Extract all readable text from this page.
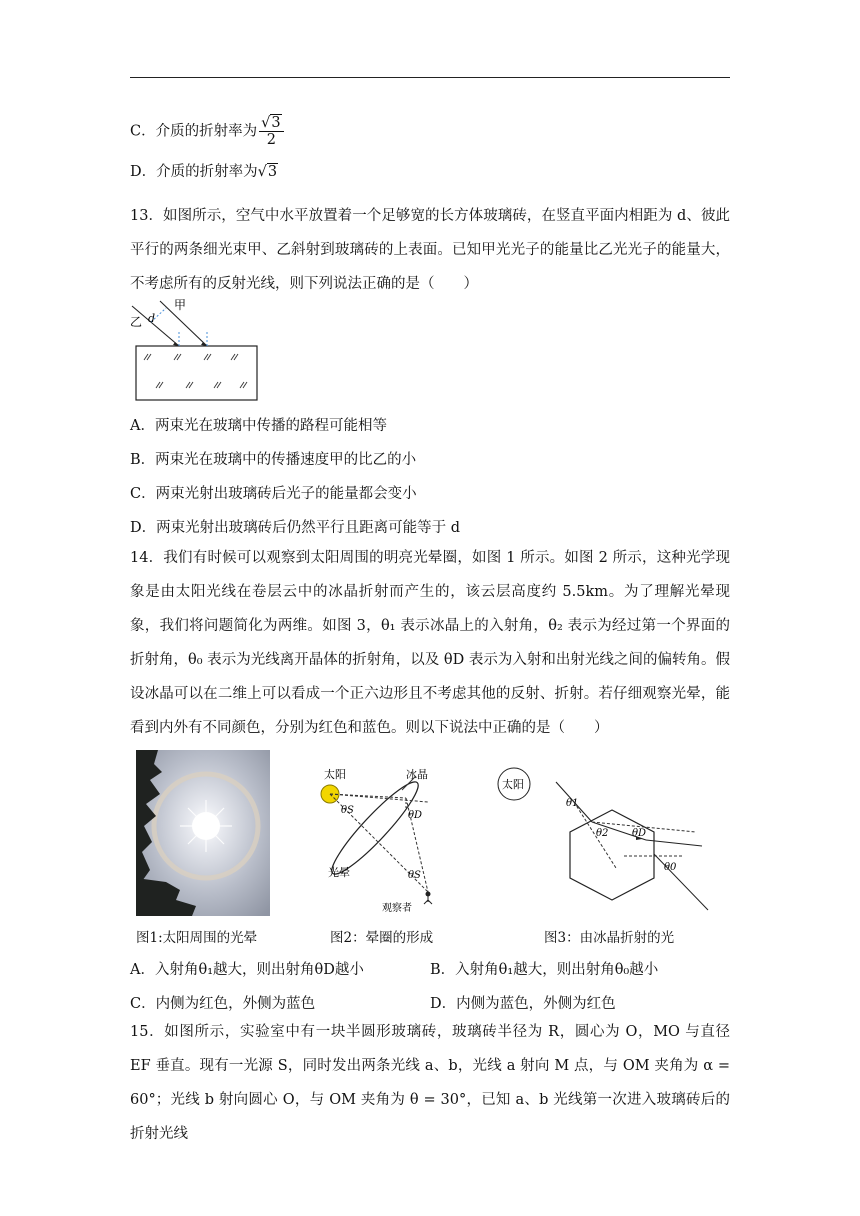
C．介质的折射率为 $\frac{√3}{2}$
D．介质的折射率为√3
13．如图所示，空气中水平放置着一个足够宽的长方体玻璃砖，在竖直平面内相距为 d、彼此平行的两条细光束甲、乙斜射到玻璃砖的上表面。已知甲光光子的能量比乙光光子的能量大，不考虑所有的反射光线，则下列说法正确的是（　　）
甲
乙 d
A．两束光在玻璃中传播的路程可能相等
B．两束光在玻璃中的传播速度甲的比乙的小
C．两束光射出玻璃砖后光子的能量都会变小
D．两束光射出玻璃砖后仍然平行且距离可能等于 d
14．我们有时候可以观察到太阳周围的明亮光晕圈，如图 1 所示。如图 2 所示，这种光学现象是由太阳光线在卷层云中的冰晶折射而产生的，该云层高度约 5.5km。为了理解光晕现象，我们将问题简化为两维。如图 3，θ₁ 表示冰晶上的入射角，θ₂ 表示为经过第一个界面的折射角，θ₀ 表示为光线离开晶体的折射角，以及 θD 表示为入射和出射光线之间的偏转角。假设冰晶可以在二维上可以看成一个正六边形且不考虑其他的反射、折射。若仔细观察光晕，能看到内外有不同颜色，分别为红色和蓝色。则以下说法中正确的是（　　）
图1:太阳周围的光晕
太阳	冰晶
θS	θD
θS
光晕
观察者
图2：晕圈的形成
太阳
θ1
θ2 θD
θ0
图3：由冰晶折射的光
A．入射角θ₁越大，则出射角θD越小	B．入射角θ₁越大，则出射角θ₀越小
C．内侧为红色，外侧为蓝色	D．内侧为蓝色，外侧为红色
15．如图所示，实验室中有一块半圆形玻璃砖，玻璃砖半径为 R，圆心为 O，MO 与直径 EF 垂直。现有一光源 S，同时发出两条光线 a、b，光线 a 射向 M 点，与 OM 夹角为 α = 60°；光线 b 射向圆心 O，与 OM 夹角为 θ = 30°，已知 a、b 光线第一次进入玻璃砖后的折射光线
